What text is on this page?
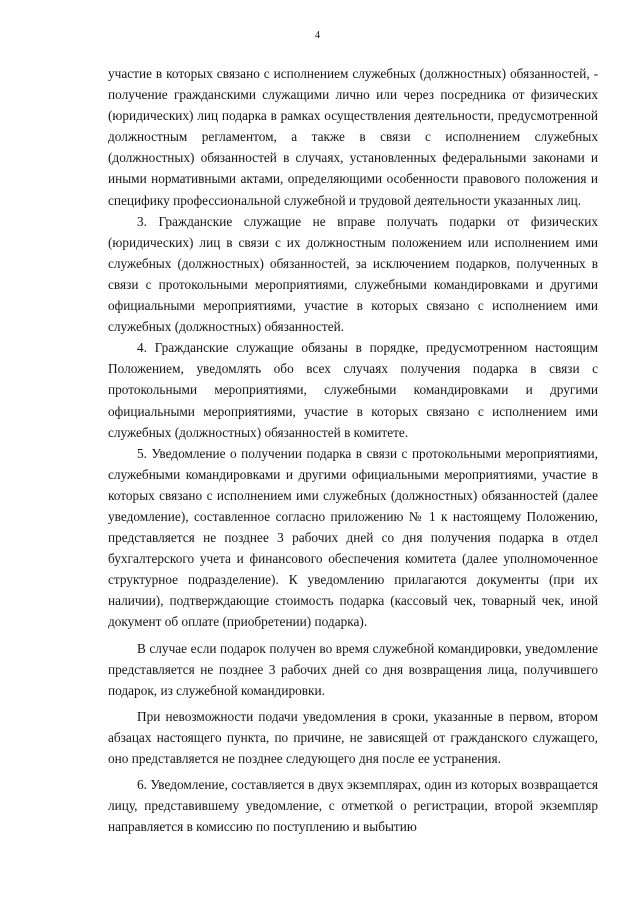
4

участие в которых связано с исполнением служебных (должностных) обязанностей, - получение гражданскими служащими лично или через посредника от физических (юридических) лиц подарка в рамках осуществления деятельности, предусмотренной должностным регламентом, а также в связи с исполнением служебных (должностных) обязанностей в случаях, установленных федеральными законами и иными нормативными актами, определяющими особенности правового положения и специфику профессиональной служебной и трудовой деятельности указанных лиц.

3. Гражданские служащие не вправе получать подарки от физических (юридических) лиц в связи с их должностным положением или исполнением ими служебных (должностных) обязанностей, за исключением подарков, полученных в связи с протокольными мероприятиями, служебными командировками и другими официальными мероприятиями, участие в которых связано с исполнением ими служебных (должностных) обязанностей.

4. Гражданские служащие обязаны в порядке, предусмотренном настоящим Положением, уведомлять обо всех случаях получения подарка в связи с протокольными мероприятиями, служебными командировками и другими официальными мероприятиями, участие в которых связано с исполнением ими служебных (должностных) обязанностей в комитете.

5. Уведомление о получении подарка в связи с протокольными мероприятиями, служебными командировками и другими официальными мероприятиями, участие в которых связано с исполнением ими служебных (должностных) обязанностей (далее уведомление), составленное согласно приложению № 1 к настоящему Положению, представляется не позднее 3 рабочих дней со дня получения подарка в отдел бухгалтерского учета и финансового обеспечения комитета (далее уполномоченное структурное подразделение). К уведомлению прилагаются документы (при их наличии), подтверждающие стоимость подарка (кассовый чек, товарный чек, иной документ об оплате (приобретении) подарка).

В случае если подарок получен во время служебной командировки, уведомление представляется не позднее 3 рабочих дней со дня возвращения лица, получившего подарок, из служебной командировки.

При невозможности подачи уведомления в сроки, указанные в первом, втором абзацах настоящего пункта, по причине, не зависящей от гражданского служащего, оно представляется не позднее следующего дня после ее устранения.

6. Уведомление, составляется в двух экземплярах, один из которых возвращается лицу, представившему уведомление, с отметкой о регистрации, второй экземпляр направляется в комиссию по поступлению и выбытию
